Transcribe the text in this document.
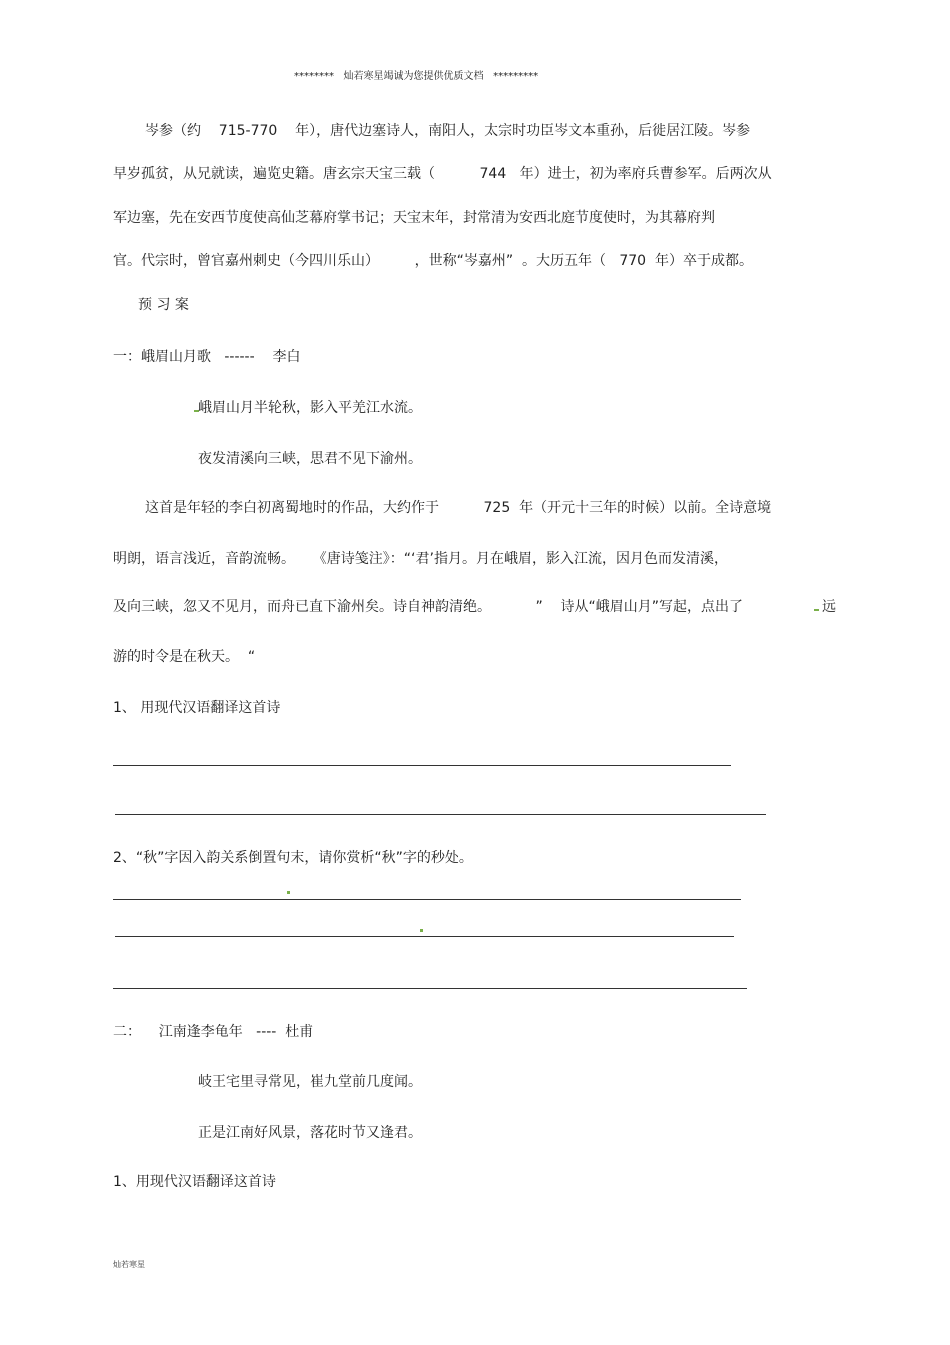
********   灿若寒星竭诚为您提供优质文档   *********
岑参（约    715-770    年），唐代边塞诗人，南阳人，太宗时功臣岑文本重孙，后徙居江陵。岑参
早岁孤贫，从兄就读，遍览史籍。唐玄宗天宝三载（          744   年）进士，初为率府兵曹参军。后两次从
军边塞，先在安西节度使高仙芝幕府掌书记；天宝末年，封常清为安西北庭节度使时，为其幕府判
官。代宗时，曾官嘉州刺史（今四川乐山）        ，世称“岑嘉州”  。大历五年（   770  年）卒于成都。
预 习 案
一：峨眉山月歌   ------    李白
峨眉山月半轮秋，影入平羌江水流。
夜发清溪向三峡，思君不见下渝州。
这首是年轻的李白初离蜀地时的作品，大约作于          725  年（开元十三年的时候）以前。全诗意境
明朗，语言浅近，音韵流畅。    《唐诗笺注》：“‘君’指月。月在峨眉，影入江流，因月色而发清溪，
及向三峡，忽又不见月，而舟已直下渝州矣。诗自神韵清绝。          ”    诗从“峨眉山月”写起，点出了	远
游的时令是在秋天。  “
1、 用现代汉语翻译这首诗
2、“秋”字因入韵关系倒置句末，请你赏析“秋”字的秒处。
二：    江南逢李龟年   ----  杜甫
岐王宅里寻常见，崔九堂前几度闻。
正是江南好风景，落花时节又逢君。
1、用现代汉语翻译这首诗
灿若寒星
